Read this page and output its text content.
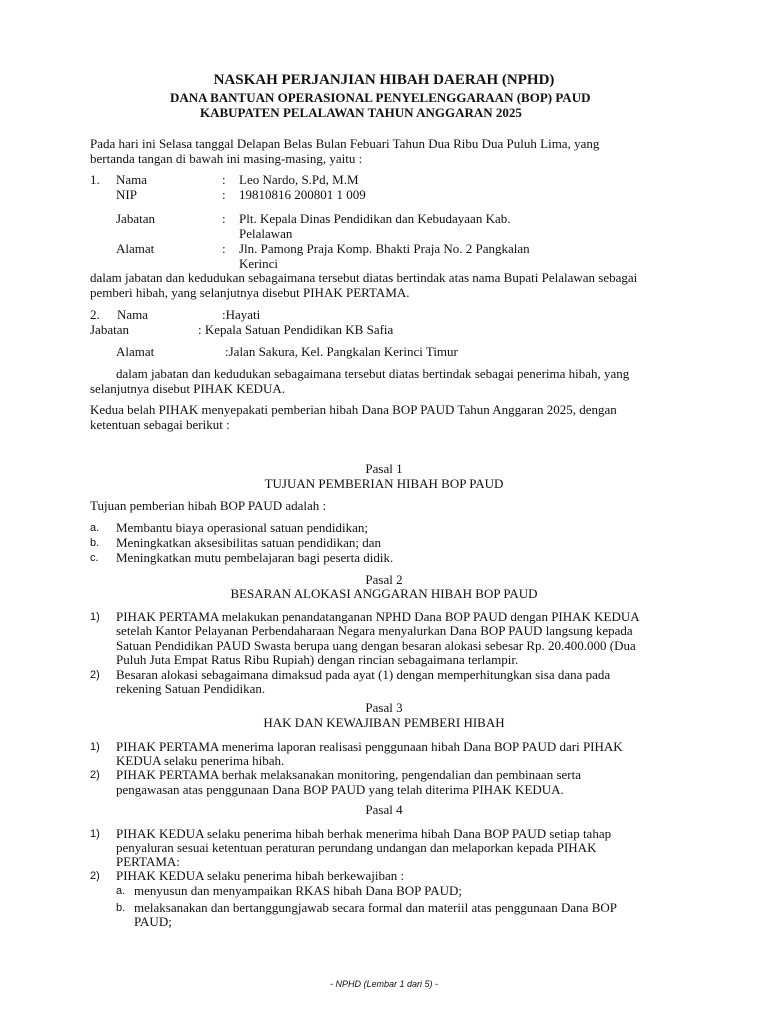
NASKAH PERJANJIAN HIBAH DAERAH (NPHD)
DANA BANTUAN OPERASIONAL PENYELENGGARAAN (BOP) PAUD
KABUPATEN PELALAWAN TAHUN ANGGARAN 2025
Pada hari ini Selasa tanggal Delapan Belas Bulan Febuari Tahun Dua Ribu Dua Puluh Lima, yang
bertanda tangan di bawah ini masing-masing, yaitu :
1. Nama	: Leo Nardo, S.Pd, M.M
NIP	: 19810816 200801 1 009
Jabatan	: Plt. Kepala Dinas Pendidikan dan Kebudayaan Kab.
Pelalawan
Alamat	: Jln. Pamong Praja Komp. Bhakti Praja No. 2 Pangkalan
Kerinci
dalam jabatan dan kedudukan sebagaimana tersebut diatas bertindak atas nama Bupati Pelalawan sebagai
pemberi hibah, yang selanjutnya disebut PIHAK PERTAMA.
2. Nama	:Hayati
Jabatan	: Kepala Satuan Pendidikan KB Safia
Alamat	:Jalan Sakura, Kel. Pangkalan Kerinci Timur
dalam jabatan dan kedudukan sebagaimana tersebut diatas bertindak sebagai penerima hibah, yang
selanjutnya disebut PIHAK KEDUA.
Kedua belah PIHAK menyepakati pemberian hibah Dana BOP PAUD Tahun Anggaran 2025, dengan
ketentuan sebagai berikut :
Pasal 1
TUJUAN PEMBERIAN HIBAH BOP PAUD
Tujuan pemberian hibah BOP PAUD adalah :
a. Membantu biaya operasional satuan pendidikan;
b. Meningkatkan aksesibilitas satuan pendidikan; dan
c. Meningkatkan mutu pembelajaran bagi peserta didik.
Pasal 2
BESARAN ALOKASI ANGGARAN HIBAH BOP PAUD
1) PIHAK PERTAMA melakukan penandatanganan NPHD Dana BOP PAUD dengan PIHAK KEDUA
setelah Kantor Pelayanan Perbendaharaan Negara menyalurkan Dana BOP PAUD langsung kepada
Satuan Pendidikan PAUD Swasta berupa uang dengan besaran alokasi sebesar Rp. 20.400.000 (Dua
Puluh Juta Empat Ratus Ribu Rupiah) dengan rincian sebagaimana terlampir.
2) Besaran alokasi sebagaimana dimaksud pada ayat (1) dengan memperhitungkan sisa dana pada
rekening Satuan Pendidikan.
Pasal 3
HAK DAN KEWAJIBAN PEMBERI HIBAH
1) PIHAK PERTAMA menerima laporan realisasi penggunaan hibah Dana BOP PAUD dari PIHAK
KEDUA selaku penerima hibah.
2) PIHAK PERTAMA berhak melaksanakan monitoring, pengendalian dan pembinaan serta
pengawasan atas penggunaan Dana BOP PAUD yang telah diterima PIHAK KEDUA.
Pasal 4
1) PIHAK KEDUA selaku penerima hibah berhak menerima hibah Dana BOP PAUD setiap tahap
penyaluran sesuai ketentuan peraturan perundang undangan dan melaporkan kepada PIHAK
PERTAMA:
2) PIHAK KEDUA selaku penerima hibah berkewajiban :
a. menyusun dan menyampaikan RKAS hibah Dana BOP PAUD;
b. melaksanakan dan bertanggungjawab secara formal dan materiil atas penggunaan Dana BOP
PAUD;
- NPHD (Lembar 1 dari 5) -
